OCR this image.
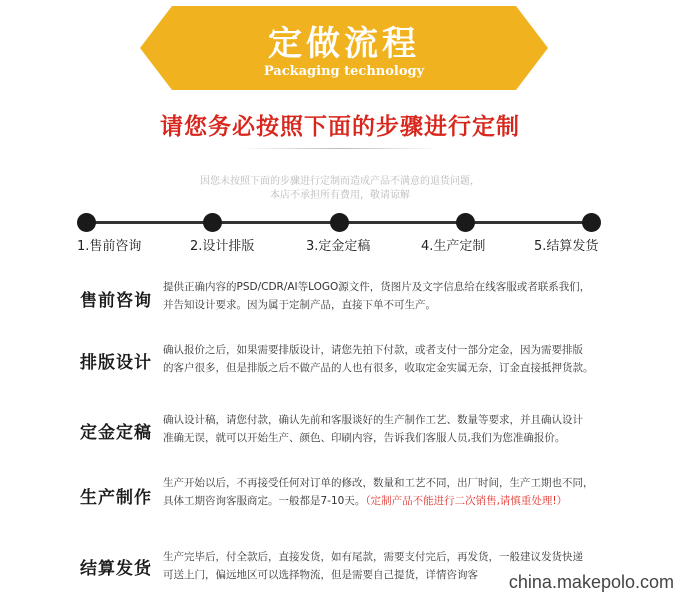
定做流程
Packaging technology
请您务必按照下面的步骤进行定制
因您未按照下面的步骤进行定制而造成产品不满意的退货问题，
本店不承担所有费用，敬请谅解
1.售前咨询	2.设计排版	3.定金定稿	4.生产定制	5.结算发货
售前咨询
提供正确内容的PSD/CDR/AI等LOGO源文件，货图片及文字信息给在线客服或者联系我们，
并告知设计要求。因为属于定制产品，直接下单不可生产。
排版设计
确认报价之后，如果需要排版设计，请您先拍下付款，或者支付一部分定金，因为需要排版
的客户很多，但是排版之后不做产品的人也有很多，收取定金实属无奈，订金直接抵押货款。
定金定稿
确认设计稿，请您付款，确认先前和客服谈好的生产制作工艺、数量等要求，并且确认设计
准确无误，就可以开始生产、颜色、印刷内容，告诉我们客服人员,我们为您准确报价。
生产制作
生产开始以后，不再接受任何对订单的修改，数量和工艺不同，出厂时间，生产工期也不同，
具体工期咨询客服商定。一般都是7-10天。（定制产品不能进行二次销售,请慎重处理!）
结算发货
生产完毕后，付全款后，直接发货，如有尾款，需要支付完后，再发货，一般建议发货快递
可送上门，偏远地区可以选择物流，但是需要自己提货，详情咨询客	china.makepolo.com
